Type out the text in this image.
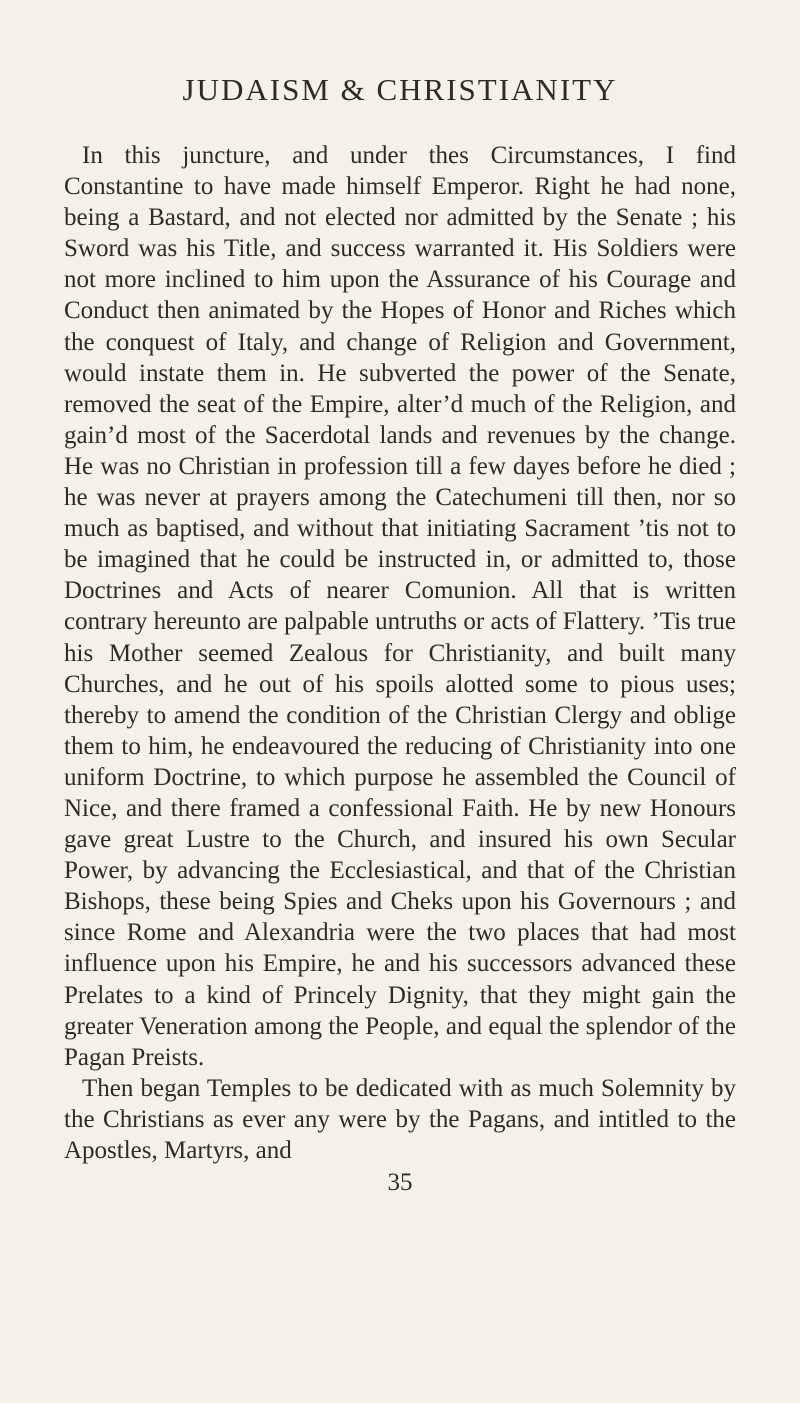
JUDAISM & CHRISTIANITY

In this juncture, and under thes Circumstances, I find Constantine to have made himself Emperor. Right he had none, being a Bastard, and not elected nor admitted by the Senate ; his Sword was his Title, and success warranted it. His Soldiers were not more inclined to him upon the Assurance of his Courage and Conduct then animated by the Hopes of Honor and Riches which the conquest of Italy, and change of Religion and Government, would instate them in. He subverted the power of the Senate, removed the seat of the Empire, alter’d much of the Religion, and gain’d most of the Sacerdotal lands and revenues by the change. He was no Christian in profession till a few dayes before he died ; he was never at prayers among the Catechumeni till then, nor so much as baptised, and without that initiating Sacrament ’tis not to be imagined that he could be instructed in, or admitted to, those Doctrines and Acts of nearer Comunion. All that is written contrary hereunto are palpable untruths or acts of Flattery. ’Tis true his Mother seemed Zealous for Christianity, and built many Churches, and he out of his spoils alotted some to pious uses; thereby to amend the condition of the Christian Clergy and oblige them to him, he endeavoured the reducing of Christianity into one uniform Doctrine, to which purpose he assembled the Council of Nice, and there framed a confessional Faith. He by new Honours gave great Lustre to the Church, and insured his own Secular Power, by advancing the Ecclesiastical, and that of the Christian Bishops, these being Spies and Cheks upon his Governours ; and since Rome and Alexandria were the two places that had most influence upon his Empire, he and his successors advanced these Prelates to a kind of Princely Dignity, that they might gain the greater Veneration among the People, and equal the splendor of the Pagan Preists.

Then began Temples to be dedicated with as much Solemnity by the Christians as ever any were by the Pagans, and intitled to the Apostles, Martyrs, and

35
